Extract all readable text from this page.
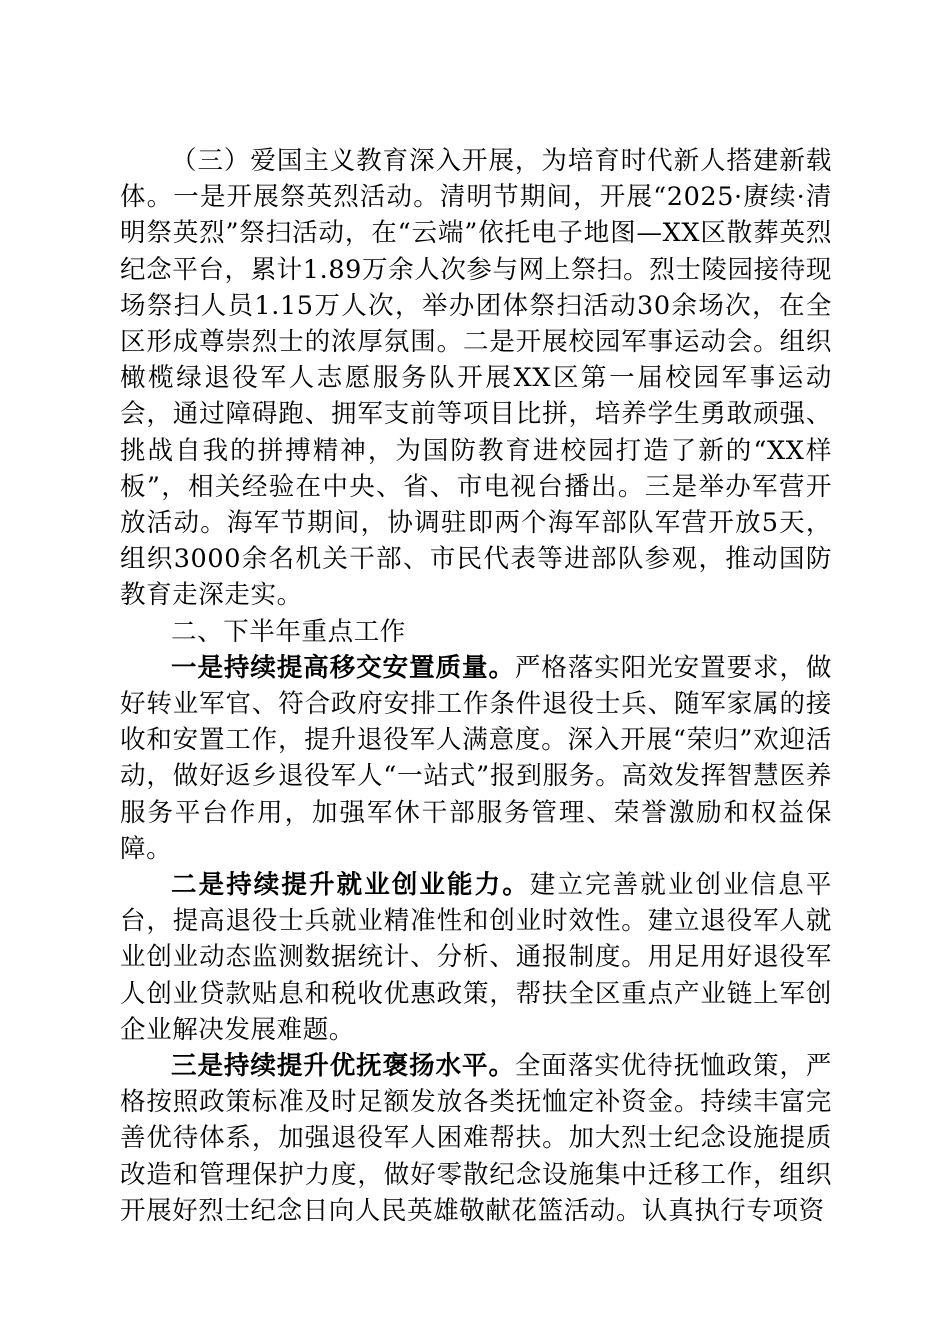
（三）爱国主义教育深入开展，为培育时代新人搭建新载体。一是开展祭英烈活动。清明节期间，开展“2025·赓续·清明祭英烈”祭扫活动，在“云端”依托电子地图—XX区散葬英烈纪念平台，累计1.89万余人次参与网上祭扫。烈士陵园接待现场祭扫人员1.15万人次，举办团体祭扫活动30余场次，在全区形成尊崇烈士的浓厚氛围。二是开展校园军事运动会。组织橄榄绿退役军人志愿服务队开展XX区第一届校园军事运动会，通过障碍跑、拥军支前等项目比拼，培养学生勇敢顽强、挑战自我的拼搏精神，为国防教育进校园打造了新的“XX样板”，相关经验在中央、省、市电视台播出。三是举办军营开放活动。海军节期间，协调驻即两个海军部队军营开放5天，组织3000余名机关干部、市民代表等进部队参观，推动国防教育走深走实。

二、下半年重点工作

一是持续提高移交安置质量。严格落实阳光安置要求，做好转业军官、符合政府安排工作条件退役士兵、随军家属的接收和安置工作，提升退役军人满意度。深入开展“荣归”欢迎活动，做好返乡退役军人“一站式”报到服务。高效发挥智慧医养服务平台作用，加强军休干部服务管理、荣誉激励和权益保障。

二是持续提升就业创业能力。建立完善就业创业信息平台，提高退役士兵就业精准性和创业时效性。建立退役军人就业创业动态监测数据统计、分析、通报制度。用足用好退役军人创业贷款贴息和税收优惠政策，帮扶全区重点产业链上军创企业解决发展难题。

三是持续提升优抚褒扬水平。全面落实优待抚恤政策，严格按照政策标准及时足额发放各类抚恤定补资金。持续丰富完善优待体系，加强退役军人困难帮扶。加大烈士纪念设施提质改造和管理保护力度，做好零散纪念设施集中迁移工作，组织开展好烈士纪念日向人民英雄敬献花篮活动。认真执行专项资
